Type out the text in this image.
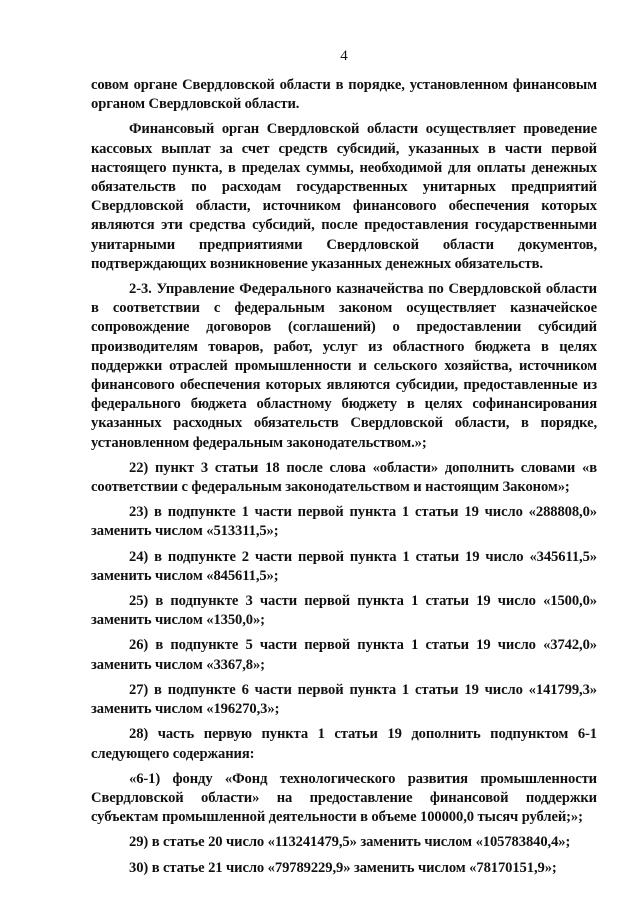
4

совом органе Свердловской области в порядке, установленном финансовым органом Свердловской области.

Финансовый орган Свердловской области осуществляет проведение кассовых выплат за счет средств субсидий, указанных в части первой настоящего пункта, в пределах суммы, необходимой для оплаты денежных обязательств по расходам государственных унитарных предприятий Свердловской области, источником финансового обеспечения которых являются эти средства субсидий, после предоставления государственными унитарными предприятиями Свердловской области документов, подтверждающих возникновение указанных денежных обязательств.

2-3. Управление Федерального казначейства по Свердловской области в соответствии с федеральным законом осуществляет казначейское сопровождение договоров (соглашений) о предоставлении субсидий производителям товаров, работ, услуг из областного бюджета в целях поддержки отраслей промышленности и сельского хозяйства, источником финансового обеспечения которых являются субсидии, предоставленные из федерального бюджета областному бюджету в целях софинансирования указанных расходных обязательств Свердловской области, в порядке, установленном федеральным законодательством.»;

22) пункт 3 статьи 18 после слова «области» дополнить словами «в соответствии с федеральным законодательством и настоящим Законом»;

23) в подпункте 1 части первой пункта 1 статьи 19 число «288808,0» заменить числом «513311,5»;

24) в подпункте 2 части первой пункта 1 статьи 19 число «345611,5» заменить числом «845611,5»;

25) в подпункте 3 части первой пункта 1 статьи 19 число «1500,0» заменить числом «1350,0»;

26) в подпункте 5 части первой пункта 1 статьи 19 число «3742,0» заменить числом «3367,8»;

27) в подпункте 6 части первой пункта 1 статьи 19 число «141799,3» заменить числом «196270,3»;

28) часть первую пункта 1 статьи 19 дополнить подпунктом 6-1 следующего содержания:

«6-1) фонду «Фонд технологического развития промышленности Свердловской области» на предоставление финансовой поддержки субъектам промышленной деятельности в объеме 100000,0 тысяч рублей;»;

29) в статье 20 число «113241479,5» заменить числом «105783840,4»;

30) в статье 21 число «79789229,9» заменить числом «78170151,9»;
